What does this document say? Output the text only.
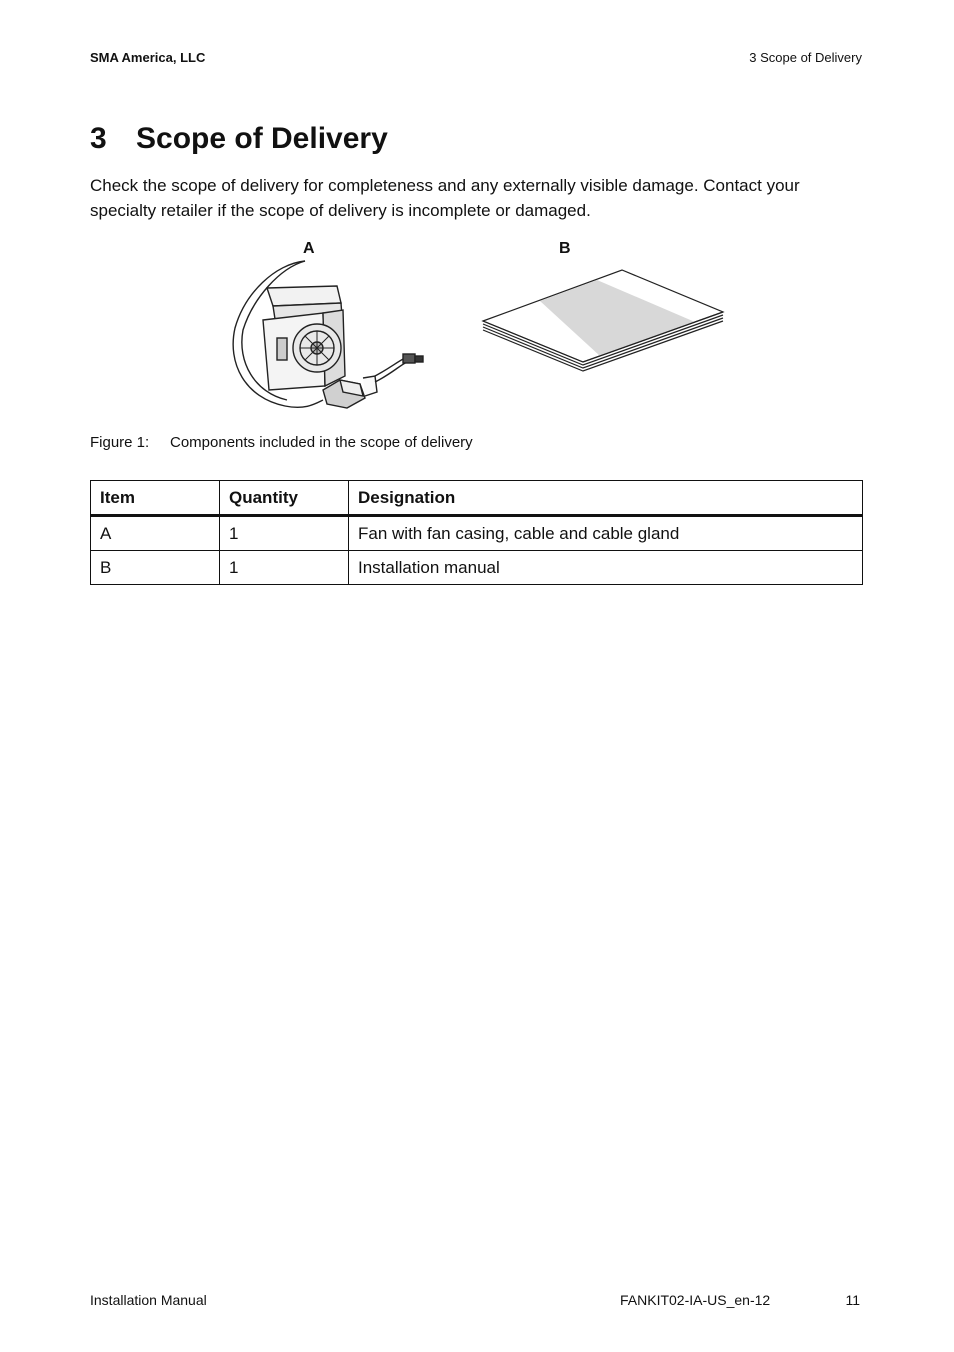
SMA America, LLC	3 Scope of Delivery
3 Scope of Delivery

Check the scope of delivery for completeness and any externally visible damage. Contact your specialty retailer if the scope of delivery is incomplete or damaged.

A	B
Figure 1: Components included in the scope of delivery
Item	Quantity	Designation
A	1	Fan with fan casing, cable and cable gland
B	1	Installation manual
Installation Manual	FANKIT02-IA-US_en-12	11
